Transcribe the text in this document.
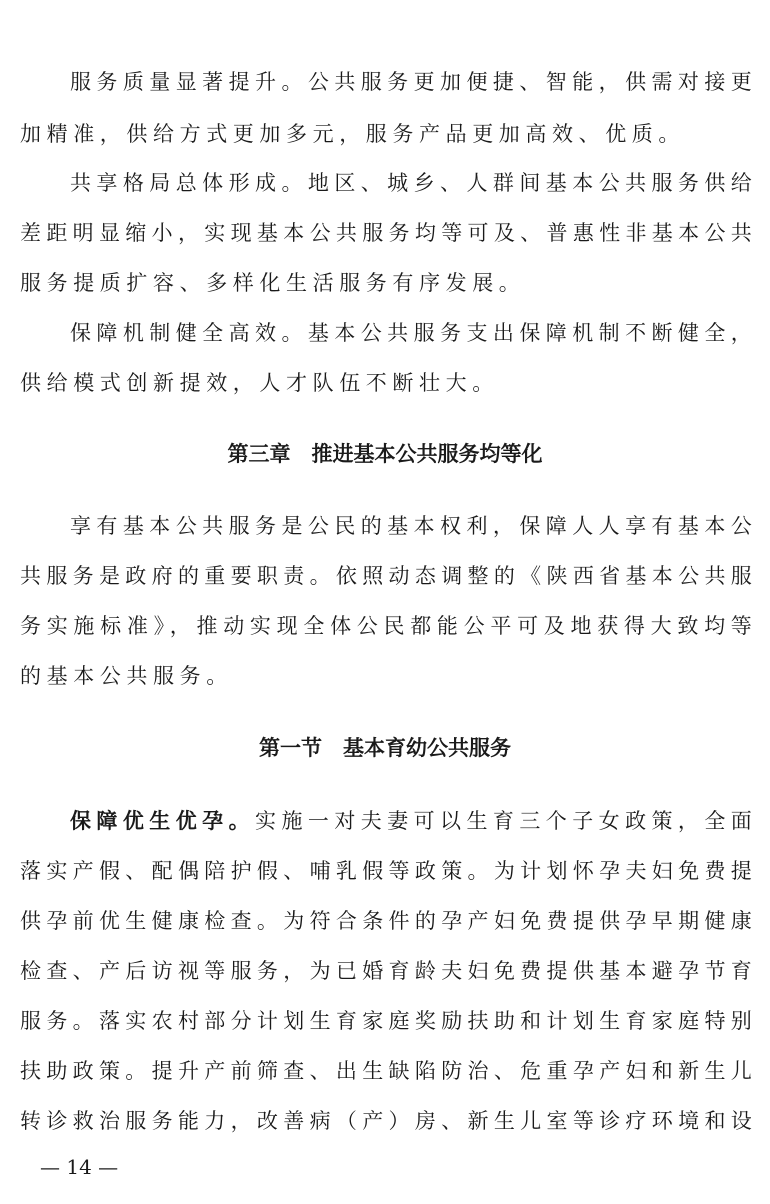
服务质量显著提升。公共服务更加便捷、智能，供需对接更
加精准，供给方式更加多元，服务产品更加高效、优质。
共享格局总体形成。地区、城乡、人群间基本公共服务供给
差距明显缩小，实现基本公共服务均等可及、普惠性非基本公共
服务提质扩容、多样化生活服务有序发展。
保障机制健全高效。基本公共服务支出保障机制不断健全，
供给模式创新提效，人才队伍不断壮大。
第三章　推进基本公共服务均等化
享有基本公共服务是公民的基本权利，保障人人享有基本公
共服务是政府的重要职责。依照动态调整的《陕西省基本公共服
务实施标准》，推动实现全体公民都能公平可及地获得大致均等
的基本公共服务。
第一节　基本育幼公共服务
保障优生优孕。实施一对夫妻可以生育三个子女政策，全面
落实产假、配偶陪护假、哺乳假等政策。为计划怀孕夫妇免费提
供孕前优生健康检查。为符合条件的孕产妇免费提供孕早期健康
检查、产后访视等服务，为已婚育龄夫妇免费提供基本避孕节育
服务。落实农村部分计划生育家庭奖励扶助和计划生育家庭特别
扶助政策。提升产前筛查、出生缺陷防治、危重孕产妇和新生儿
转诊救治服务能力，改善病（产）房、新生儿室等诊疗环境和设
— 14 —
